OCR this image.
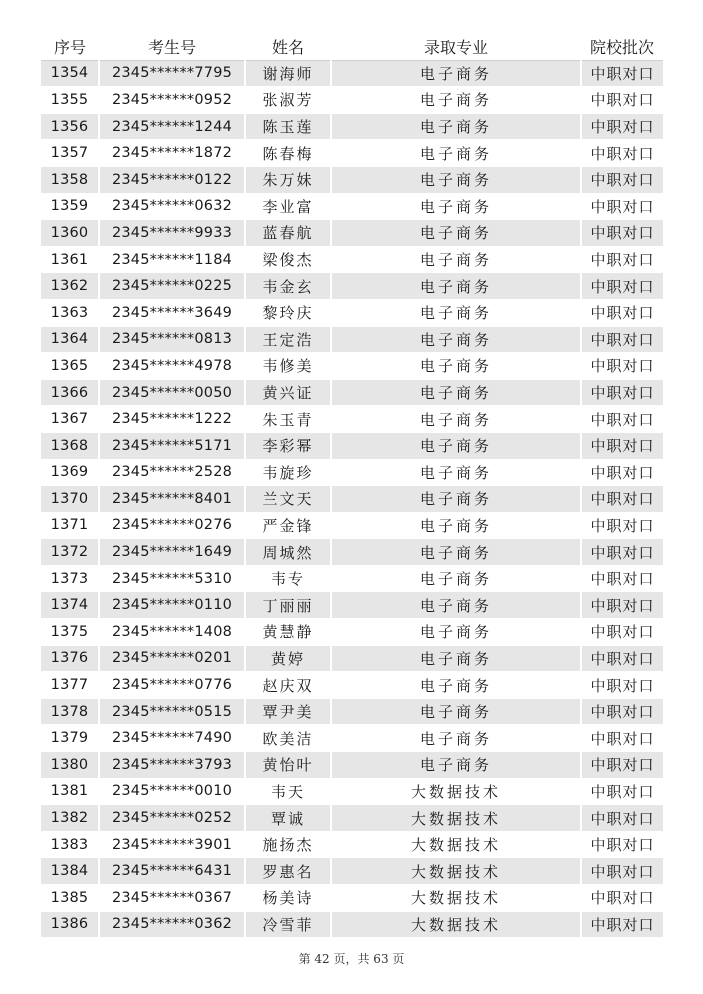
序号	考生号	姓名	录取专业	院校批次
1354	2345******7795	谢海师	电子商务	中职对口
1355	2345******0952	张淑芳	电子商务	中职对口
1356	2345******1244	陈玉莲	电子商务	中职对口
1357	2345******1872	陈春梅	电子商务	中职对口
1358	2345******0122	朱万妹	电子商务	中职对口
1359	2345******0632	李业富	电子商务	中职对口
1360	2345******9933	蓝春航	电子商务	中职对口
1361	2345******1184	梁俊杰	电子商务	中职对口
1362	2345******0225	韦金玄	电子商务	中职对口
1363	2345******3649	黎玲庆	电子商务	中职对口
1364	2345******0813	王定浩	电子商务	中职对口
1365	2345******4978	韦修美	电子商务	中职对口
1366	2345******0050	黄兴证	电子商务	中职对口
1367	2345******1222	朱玉青	电子商务	中职对口
1368	2345******5171	李彩幂	电子商务	中职对口
1369	2345******2528	韦旋珍	电子商务	中职对口
1370	2345******8401	兰文天	电子商务	中职对口
1371	2345******0276	严金锋	电子商务	中职对口
1372	2345******1649	周城然	电子商务	中职对口
1373	2345******5310	韦专	电子商务	中职对口
1374	2345******0110	丁丽丽	电子商务	中职对口
1375	2345******1408	黄慧静	电子商务	中职对口
1376	2345******0201	黄婷	电子商务	中职对口
1377	2345******0776	赵庆双	电子商务	中职对口
1378	2345******0515	覃尹美	电子商务	中职对口
1379	2345******7490	欧美洁	电子商务	中职对口
1380	2345******3793	黄怡叶	电子商务	中职对口
1381	2345******0010	韦天	大数据技术	中职对口
1382	2345******0252	覃诚	大数据技术	中职对口
1383	2345******3901	施扬杰	大数据技术	中职对口
1384	2345******6431	罗惠名	大数据技术	中职对口
1385	2345******0367	杨美诗	大数据技术	中职对口
1386	2345******0362	冷雪菲	大数据技术	中职对口
第 42 页，共 63 页
